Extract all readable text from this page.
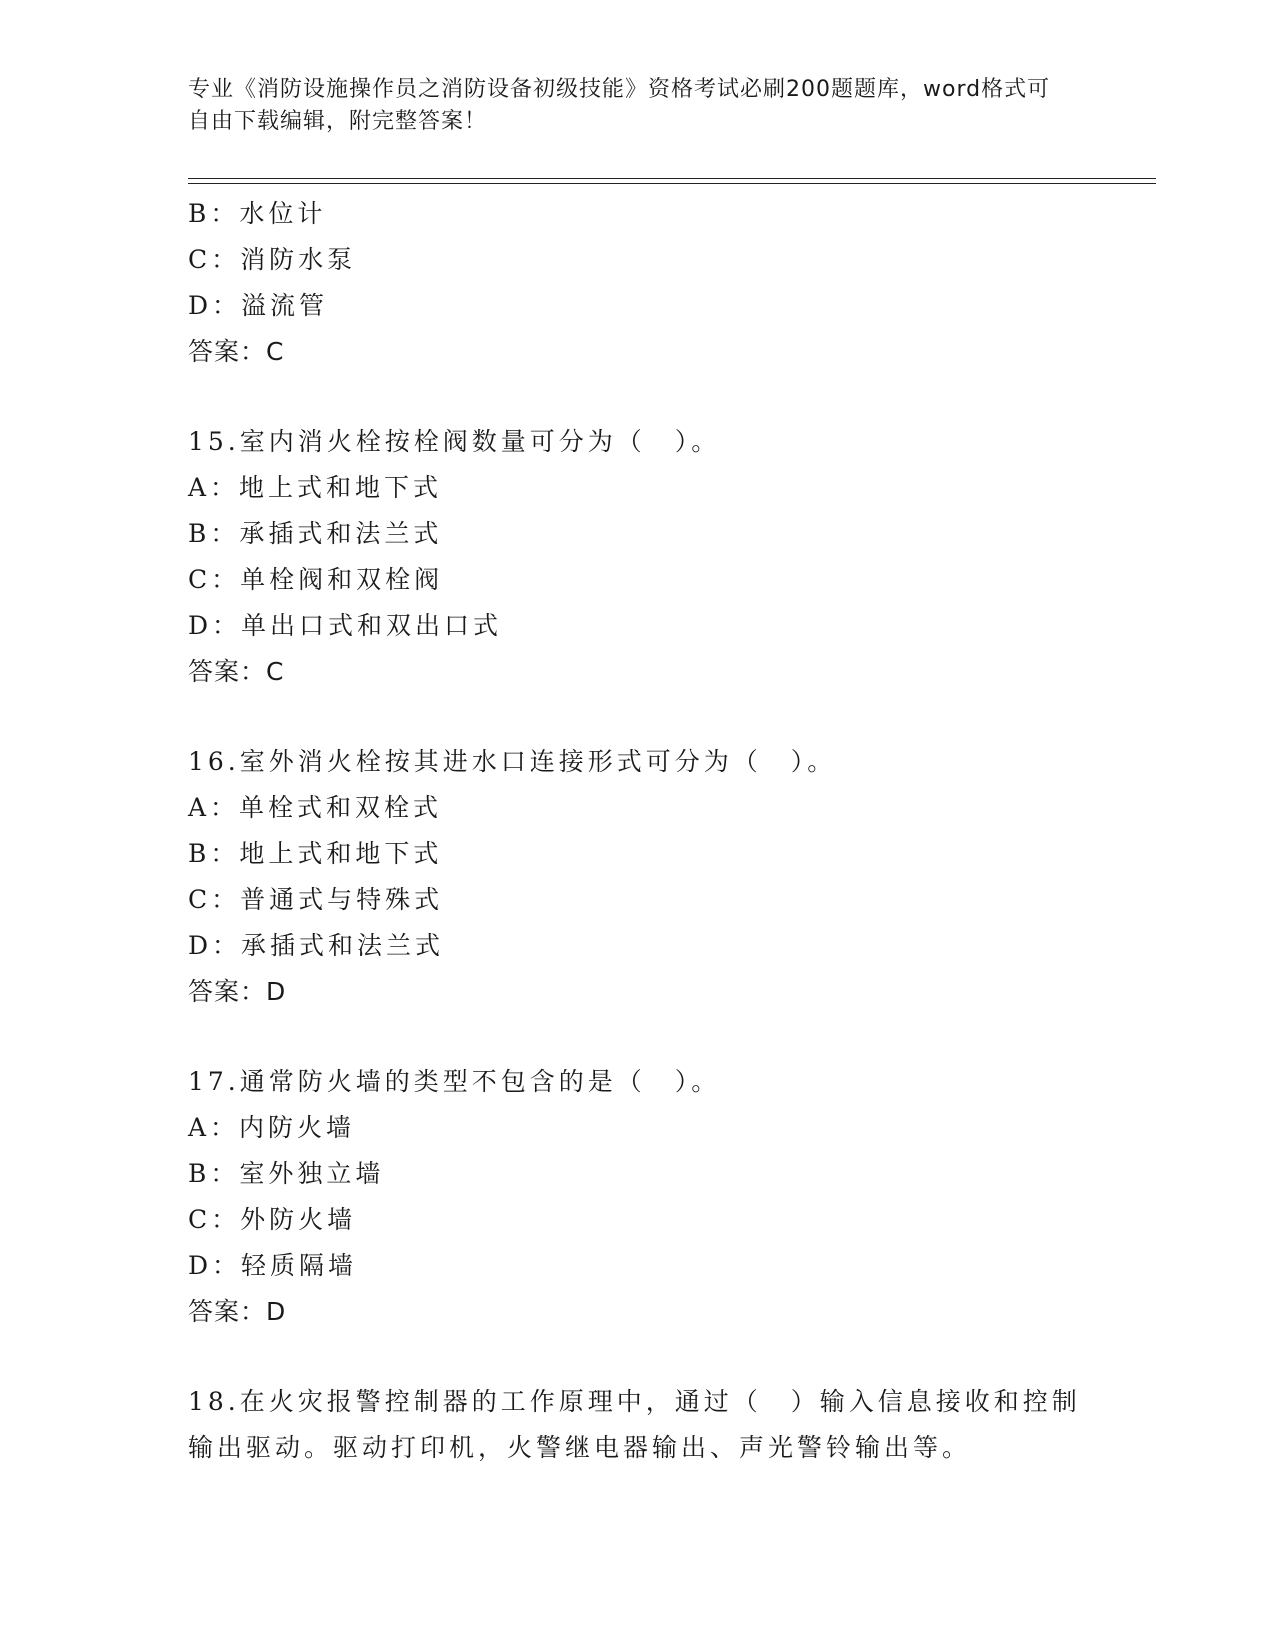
专业《消防设施操作员之消防设备初级技能》资格考试必刷200题题库，word格式可自由下载编辑，附完整答案！
B：水位计
C：消防水泵
D：溢流管
答案：C
15.室内消火栓按栓阀数量可分为（　）。
A：地上式和地下式
B：承插式和法兰式
C：单栓阀和双栓阀
D：单出口式和双出口式
答案：C
16.室外消火栓按其进水口连接形式可分为（　）。
A：单栓式和双栓式
B：地上式和地下式
C：普通式与特殊式
D：承插式和法兰式
答案：D
17.通常防火墙的类型不包含的是（　）。
A：内防火墙
B：室外独立墙
C：外防火墙
D：轻质隔墙
答案：D
18.在火灾报警控制器的工作原理中，通过（　）输入信息接收和控制
输出驱动。驱动打印机，火警继电器输出、声光警铃输出等。
